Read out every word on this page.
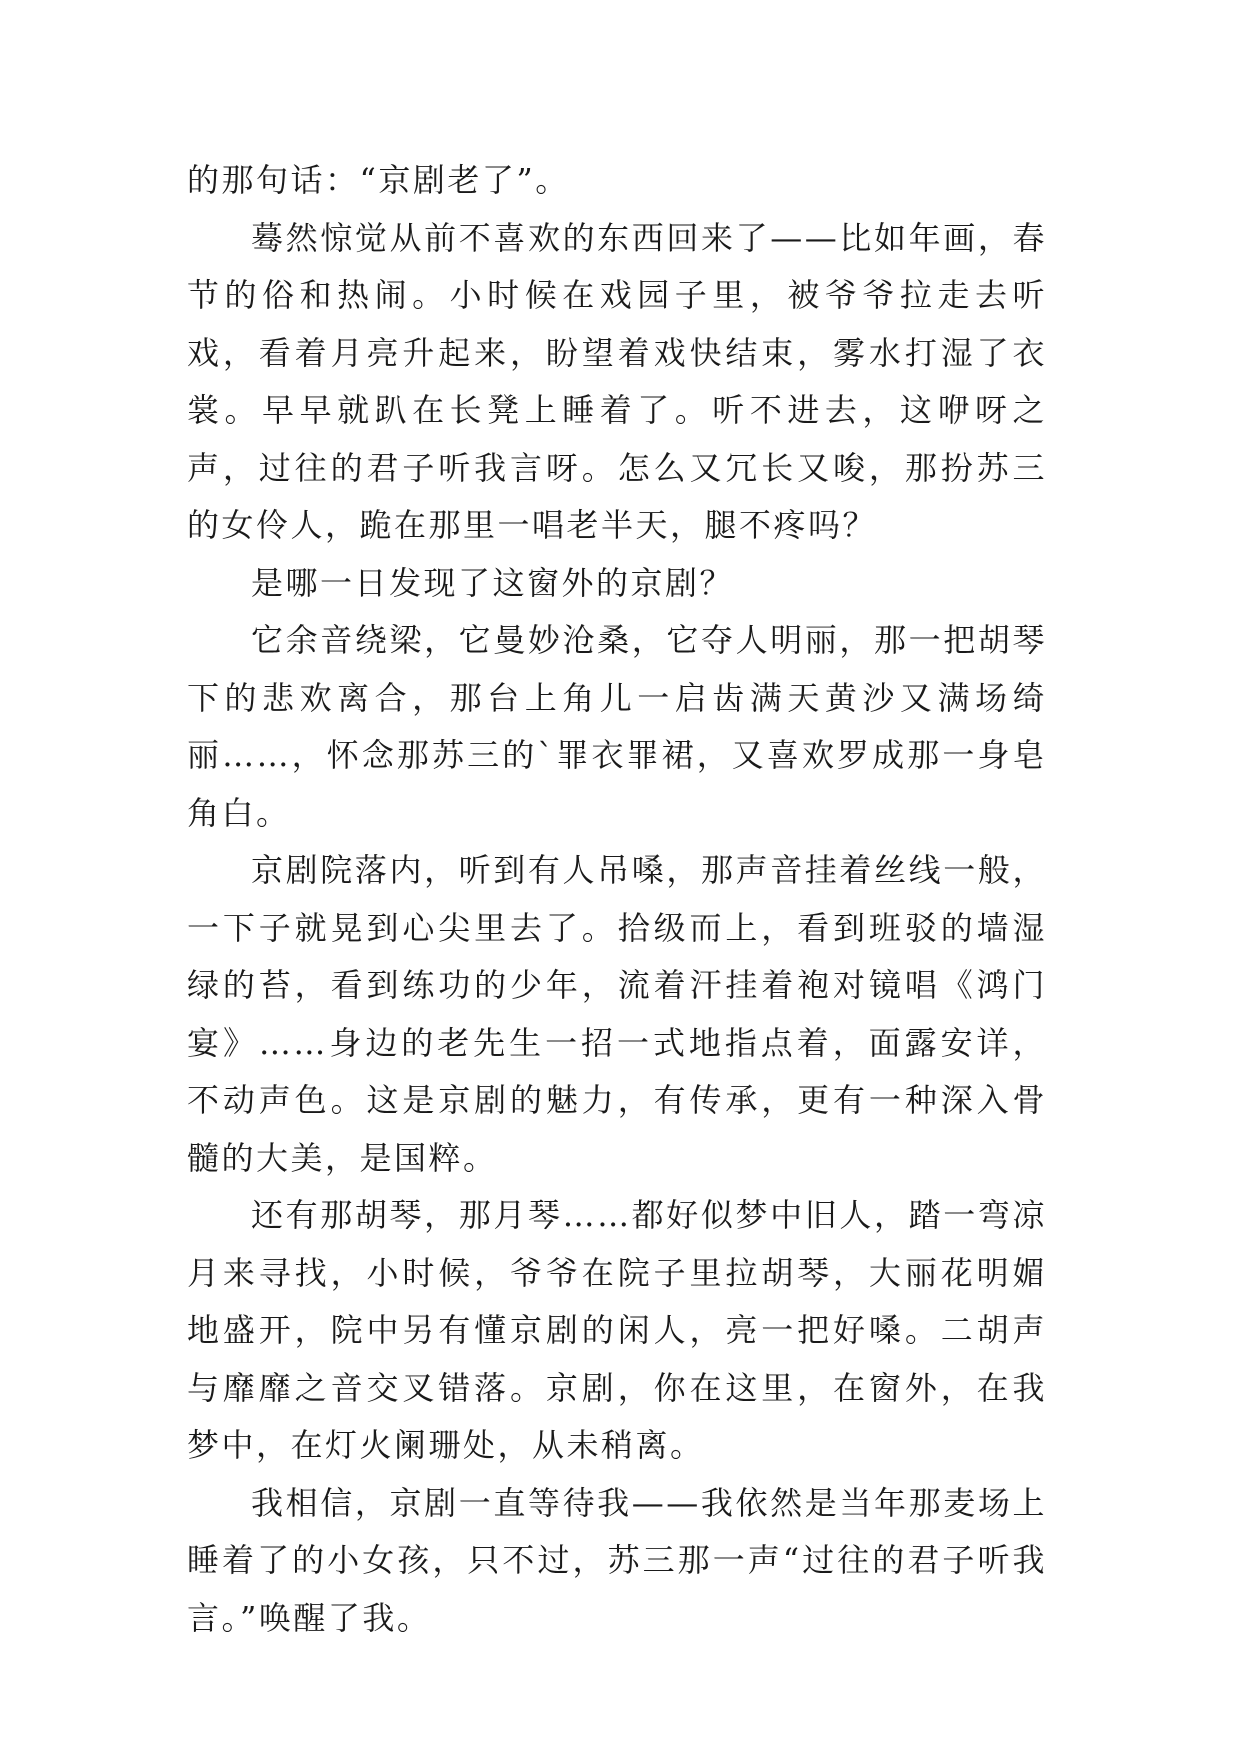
的那句话：“京剧老了”。

蓦然惊觉从前不喜欢的东西回来了——比如年画，春节的俗和热闹。小时候在戏园子里，被爷爷拉走去听戏，看着月亮升起来，盼望着戏快结束，雾水打湿了衣裳。早早就趴在长凳上睡着了。听不进去，这咿呀之声，过往的君子听我言呀。怎么又冗长又唆，那扮苏三的女伶人，跪在那里一唱老半天，腿不疼吗？

是哪一日发现了这窗外的京剧？

它余音绕梁，它曼妙沧桑，它夺人明丽，那一把胡琴下的悲欢离合，那台上角儿一启齿满天黄沙又满场绮丽……，怀念那苏三的`罪衣罪裙，又喜欢罗成那一身皂角白。

京剧院落内，听到有人吊嗓，那声音挂着丝线一般，一下子就晃到心尖里去了。拾级而上，看到班驳的墙湿绿的苔，看到练功的少年，流着汗挂着袍对镜唱《鸿门宴》……身边的老先生一招一式地指点着，面露安详，不动声色。这是京剧的魅力，有传承，更有一种深入骨髓的大美，是国粹。

还有那胡琴，那月琴……都好似梦中旧人，踏一弯凉月来寻找，小时候，爷爷在院子里拉胡琴，大丽花明媚地盛开，院中另有懂京剧的闲人，亮一把好嗓。二胡声与靡靡之音交叉错落。京剧，你在这里，在窗外，在我梦中，在灯火阑珊处，从未稍离。

我相信，京剧一直等待我——我依然是当年那麦场上睡着了的小女孩，只不过，苏三那一声“过往的君子听我言。”唤醒了我。
